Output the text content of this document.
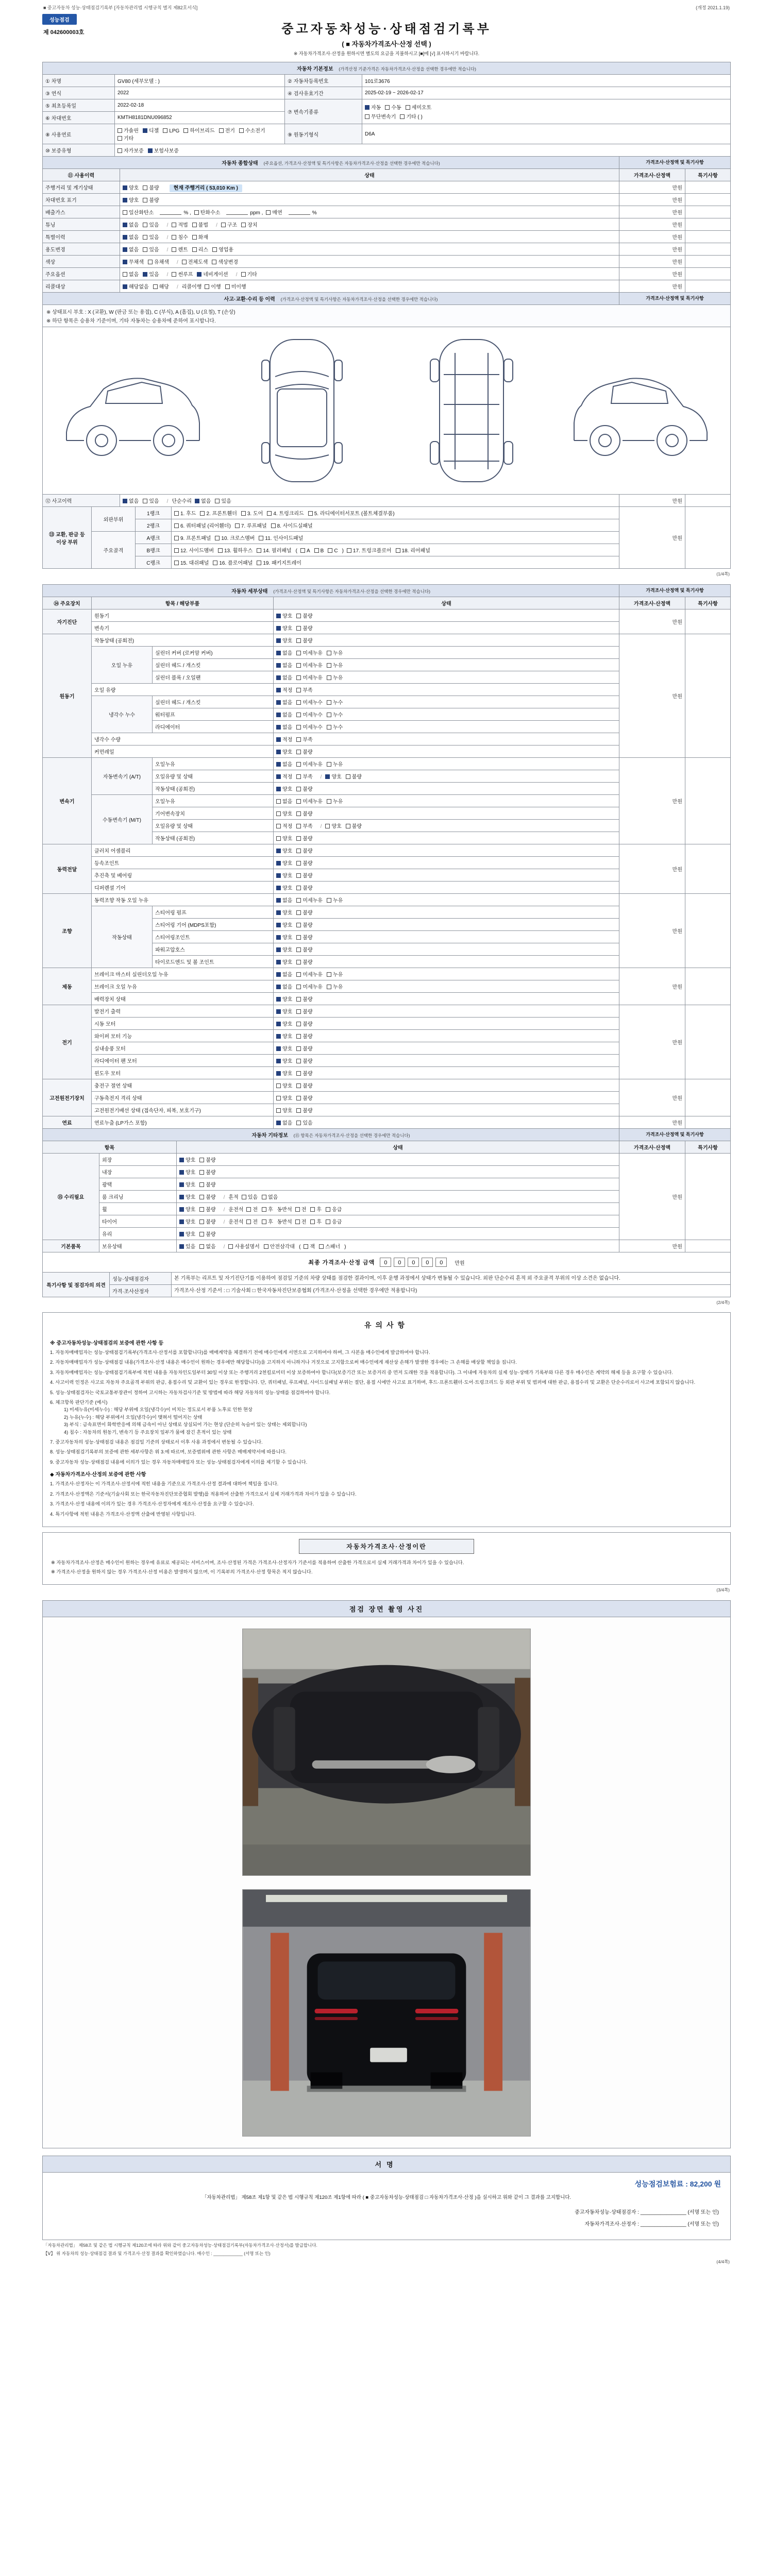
■ 중고자동차 성능·상태점검기록부 [자동차관리법 시행규칙 별지 제82호서식]	(개정 2021.1.19)
성능점검
제 042600003호	중고자동차성능·상태점검기록부
( ■ 자동차가격조사·산정 선택 )
※ 자동차가격조사·산정을 원하시면 별도의 요금을 지불하시고 [■]에 [√] 표시하시기 바랍니다.
자동차 기본정보 (가격산정 기준가격은 자동차가격조사·산정을 선택한 경우에만 적습니다)			
① 차명	GV80 (세부모델 : )	② 자동차등록번호	101로3676
③ 연식	2022	④ 검사유효기간	2025-02-19 ~ 2026-02-17
⑤ 최초등록일	2022-02-18	⑦ 변속기종류	자동 수동 세미오토
무단변속기 기타 ( )

⑥ 차대번호	KMTH8181DNU096852		
⑧ 사용연료	가솔린 디젤 LPG 하이브리드 전기 수소전기기타	⑨ 원동기형식	D6A
⑩ 보증유형	자가보증 보험사보증		
자동차 종합상태 (주요옵션, 가격조사·산정액 및 특기사항은 자동차가격조사·산정을 선택한 경우에만 적습니다)		가격조사·산정액 및 특기사항	
⑪ 사용이력	상태	가격조사·산정액	특기사항
주행거리 및 계기상태	양호 불량 현재 주행거리 ( 53,010 Km )	만원	
차대번호 표기	양호 불량	만원	
배출가스	일산화탄소 % , 탄화수소 ppm , 매연 %	만원	
튜닝	없음 있음 / 적법 불법 / 구조 장치	만원	
특별이력	없음 있음 / 침수 화재	만원	
용도변경	없음 있음 / 렌트 리스 영업용	만원	
색상	무채색 유채색 / 전체도색 색상변경	만원	
주요옵션	없음 있음 / 썬루프 네비게이션 / 기타	만원	
리콜대상	해당없음 해당 / 리콜이행 이행 미이행	만원	
사고·교환·수리 등 이력 (가격조사·산정액 및 특기사항은 자동차가격조사·산정을 선택한 경우에만 적습니다)	가격조사·산정액 및 특기사항

※ 상태표시 부호 : X (교환), W (판금 또는 용접), C (부식), A (흠집), U (요철), T (손상)
※ 하단 항목은 승용차 기준이며, 기타 자동차는 승용차에 준하여 표시합니다.

⑫ 사고이력	없음 있음 / 단순수리 없음 있음	만원	
⑬ 교환, 판금 등 이상 부위	외판부위	1랭크	1. 후드 2. 프론트휀더 3. 도어 4. 트렁크리드 5. 라디에이터서포트 (볼트체결부품)	만원	
		2랭크	6. 쿼터패널 (리어휀더) 7. 루프패널 8. 사이드실패널		
	주요골격	A랭크	9. 프론트패널 10. 크로스멤버 11. 인사이드패널		
		B랭크	12. 사이드멤버 13. 휠하우스 14. 필러패널 ( A B C ) 17. 트렁크플로어 18. 리어패널		
		C랭크	15. 대쉬패널 16. 플로어패널 19. 패키지트레이		
(1/4쪽)
자동차 세부상태 (가격조사·산정액 및 특기사항은 자동차가격조사·산정을 선택한 경우에만 적습니다)				가격조사·산정액 및 특기사항	
⑭ 주요장치	항목 / 해당부품		상태	가격조사·산정액	특기사항
자기진단	원동기		양호 불량	만원	
	변속기		양호 불량		
원동기	작동상태 (공회전)		양호 불량	만원	
	오일 누유	실린더 커버 (로커암 커버)	없음 미세누유 누유		
		실린더 헤드 / 개스킷	없음 미세누유 누유		
		실린더 블록 / 오일팬	없음 미세누유 누유		
	오일 유량		적정 부족		
	냉각수 누수	실린더 헤드 / 개스킷	없음 미세누수 누수		
		워터펌프	없음 미세누수 누수		
		라디에이터	없음 미세누수 누수		
	냉각수 수량		적정 부족		
	커먼레일		양호 불량		
변속기	자동변속기 (A/T)	오일누유	없음 미세누유 누유	만원	
		오일유량 및 상태	적정 부족 / 양호 불량		
		작동상태 (공회전)	양호 불량		
	수동변속기 (M/T)	오일누유	없음 미세누유 누유		
		기어변속장치	양호 불량		
		오일유량 및 상태	적정 부족 / 양호 불량		
		작동상태 (공회전)	양호 불량		
동력전달	클러치 어셈블리		양호 불량	만원	
	등속조인트		양호 불량		
	추진축 및 베어링		양호 불량		
	디퍼렌셜 기어		양호 불량		
조향	동력조향 작동 오일 누유		없음 미세누유 누유	만원	
	작동상태	스티어링 펌프	양호 불량		
		스티어링 기어 (MDPS포함)	양호 불량		
		스티어링조인트	양호 불량		
		파워고압호스	양호 불량		
		타이로드엔드 및 볼 조인트	양호 불량		
제동	브레이크 마스터 실린더오일 누유		없음 미세누유 누유	만원	
	브레이크 오일 누유		없음 미세누유 누유		
	배력장치 상태		양호 불량		
전기	발전기 출력		양호 불량	만원	
	시동 모터		양호 불량		
	와이퍼 모터 기능		양호 불량		
	실내송풍 모터		양호 불량		
	라디에이터 팬 모터		양호 불량		
	윈도우 모터		양호 불량		
고전원전기장치	충전구 절연 상태		양호 불량	만원	
	구동축전지 격리 상태		양호 불량		
	고전원전기배선 상태 (접속단자, 피복, 보호기구)		양호 불량		
연료	연료누출 (LP가스 포함)		없음 있음	만원	
자동차 기타정보 (⑮ 항목은 자동차가격조사·산정을 선택한 경우에만 적습니다)			가격조사·산정액 및 특기사항	
항목		상태	가격조사·산정액	특기사항
⑮ 수리필요	외장	양호 불량	만원	
	내장	양호 불량		
	광택	양호 불량		
	룸 크리닝	양호 불량 / 흔적 있음 없음		
	휠	양호 불량 / 운전석 전 후 동반석 전 후 응급		
	타이어	양호 불량 / 운전석 전 후 동반석 전 후 응급		
	유리	양호 불량		
기본품목	보유상태	있음 없음 / 사용설명서 안전삼각대 ( 잭 스패너 )	만원	
최종 가격조사·산정 금액	0 0 0 0 0	만원
특기사항 및 점검자의 의견	성능·상태점검자	본 기록부는 리프트 및 자기진단기를 이용하여 점검일 기준의 차량 상태를 점검한 결과이며, 이후 운행 과정에서 상태가 변동될 수 있습니다. 외판 단순수리 흔적 외 주요골격 부위의 이상 소견은 없습니다.
	가격·조사산정자	가격조사·산정 기준서 : □ 기술사회 □ 한국자동차진단보증협회 (가격조사·산정을 선택한 경우에만 적용합니다)
(2/4쪽)
유의사항
※ 중고자동차성능·상태점검의 보증에 관한 사항 등
1. 자동차매매업자는 성능·상태점검기록부(가격조사·산정서를 포함합니다)를 매매계약을 체결하기 전에 매수인에게 서면으로 고지하여야 하며, 그 사본을 매수인에게 발급하여야 합니다.
2. 자동차매매업자가 성능·상태점검 내용(가격조사·산정 내용은 매수인이 원하는 경우에만 해당합니다)을 고지하지 아니하거나 거짓으로 고지함으로써 매수인에게 재산상 손해가 발생한 경우에는 그 손해를 배상할 책임을 집니다.
3. 자동차매매업자는 성능·상태점검기록부에 적힌 내용을 자동차인도일부터 30일 이상 또는 주행거리 2천킬로미터 이상 보증하여야 합니다(보증기간 또는 보증거리 중 먼저 도래한 것을 적용합니다). 그 이내에 자동차의 실제 성능·상태가 기록부와 다른 경우 매수인은 계약의 해제 등을 요구할 수 있습니다.
4. 사고이력 인정은 사고로 자동차 주요골격 부위의 판금, 용접수리 및 교환이 있는 경우로 한정합니다. 단, 쿼터패널, 루프패널, 사이드실패널 부위는 절단, 용접 시에만 사고로 표기하며, 후드·프론트휀더·도어·트렁크리드 등 외판 부위 및 범퍼에 대한 판금, 용접수리 및 교환은 단순수리로서 사고에 포함되지 않습니다.
5. 성능·상태점검자는 국토교통부장관이 정하여 고시하는 자동차검사기준 및 방법에 따라 해당 자동차의 성능·상태를 점검하여야 합니다.
6. 체크항목 판단기준 (예시)
1) 미세누유(미세누수) : 해당 부위에 오일(냉각수)이 비치는 정도로서 부품 노후로 인한 현상
2) 누유(누수) : 해당 부위에서 오일(냉각수)이 맺혀서 떨어지는 상태
3) 부식 : 금속표면이 화학반응에 의해 금속이 아닌 상태로 상실되어 가는 현상 (단순히 녹슬어 있는 상태는 제외합니다)
4) 침수 : 자동차의 원동기, 변속기 등 주요장치 일부가 물에 잠긴 흔적이 있는 상태
7. 중고자동차의 성능·상태점검 내용은 점검일 기준의 상태로서 이후 사용 과정에서 변동될 수 있습니다.
8. 성능·상태점검기록부의 보증에 관한 세부사항은 위 3.에 따르며, 보증범위에 관한 사항은 매매계약서에 따릅니다.
9. 중고자동차 성능·상태점검 내용에 이의가 있는 경우 자동차매매업자 또는 성능·상태점검자에게 이의를 제기할 수 있습니다.
◆ 자동차가격조사·산정의 보증에 관한 사항
1. 가격조사·산정자는 이 가격조사·산정서에 적힌 내용을 기준으로 가격조사·산정 결과에 대하여 책임을 집니다.
2. 가격조사·산정액은 기준서(기술사회 또는 한국자동차진단보증협회 발행)를 적용하여 산출한 가격으로서 실제 거래가격과 차이가 있을 수 있습니다.
3. 가격조사·산정 내용에 이의가 있는 경우 가격조사·산정자에게 재조사·산정을 요구할 수 있습니다.
4. 특기사항에 적힌 내용은 가격조사·산정액 산출에 반영된 사항입니다.
자동차가격조사·산정이란
※ 자동차가격조사·산정은 매수인이 원하는 경우에 유료로 제공되는 서비스이며, 조사·산정된 가격은 가격조사·산정자가 기준서를 적용하여 산출한 가격으로서 실제 거래가격과 차이가 있을 수 있습니다.
※ 가격조사·산정을 원하지 않는 경우 가격조사·산정 비용은 발생하지 않으며, 이 기록부의 가격조사·산정 항목은 적지 않습니다.
(3/4쪽)
점검 장면 촬영 사진
서명
성능점검보험료 : 82,200 원
「자동차관리법」 제58조 제1항 및 같은 법 시행규칙 제120조 제1항에 따라 ( ■ 중고자동차성능·상태점검 □ 자동차가격조사·산정 )을 실시하고 위와 같이 그 결과를 고지합니다.
중고자동차성능·상태점검자 : ________________ (서명 또는 인)
자동차가격조사·산정자 : ________________ (서명 또는 인)
「자동차관리법」 제58조 및 같은 법 시행규칙 제120조에 따라 위와 같이 중고자동차성능·상태점검기록부(자동차가격조사·산정서)를 발급합니다.
【Ⅴ】 위 자동차의 성능·상태점검 결과 및 가격조사·산정 결과를 확인하였습니다. 매수인 : ____________ (서명 또는 인)
(4/4쪽)
